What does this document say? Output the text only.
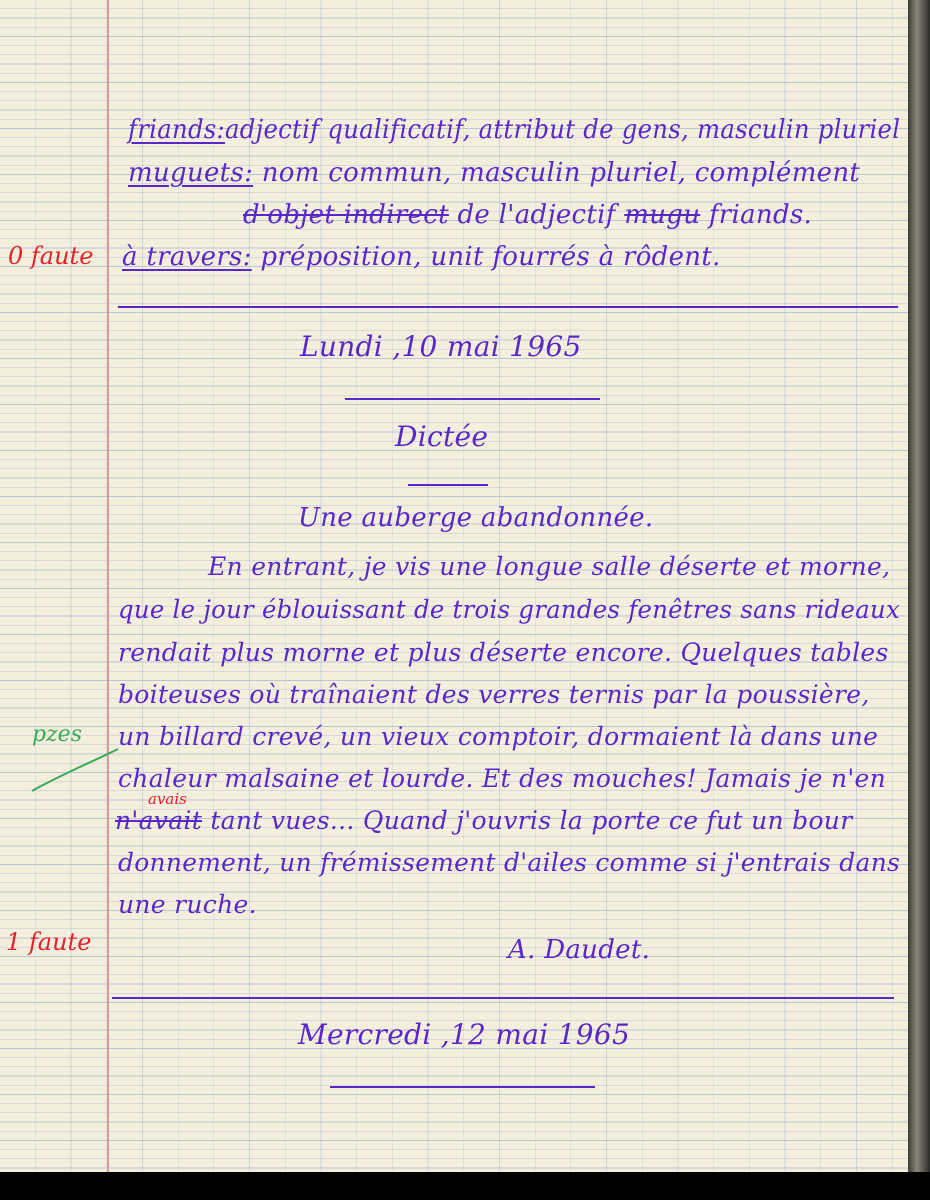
0 faute
pzes
1 faute
friands:adjectif qualificatif, attribut de gens, masculin pluriel
muguets: nom commun, masculin pluriel, complément
d'objet indirect de l'adjectif mugu friands.
à travers: préposition, unit fourrés à rôdent.
Lundi ,10 mai 1965
Dictée
Une auberge abandonnée.
En entrant, je vis une longue salle déserte et morne,
que le jour éblouissant de trois grandes fenêtres sans rideaux
rendait plus morne et plus déserte encore. Quelques tables
boiteuses où traînaient des verres ternis par la poussière,
un billard crevé, un vieux comptoir, dormaient là dans une
chaleur malsaine et lourde. Et des mouches! Jamais je n'en
avais
n'avait tant vues... Quand j'ouvris la porte ce fut un bour
donnement, un frémissement d'ailes comme si j'entrais dans
une ruche.
A. Daudet.
Mercredi ,12 mai 1965
